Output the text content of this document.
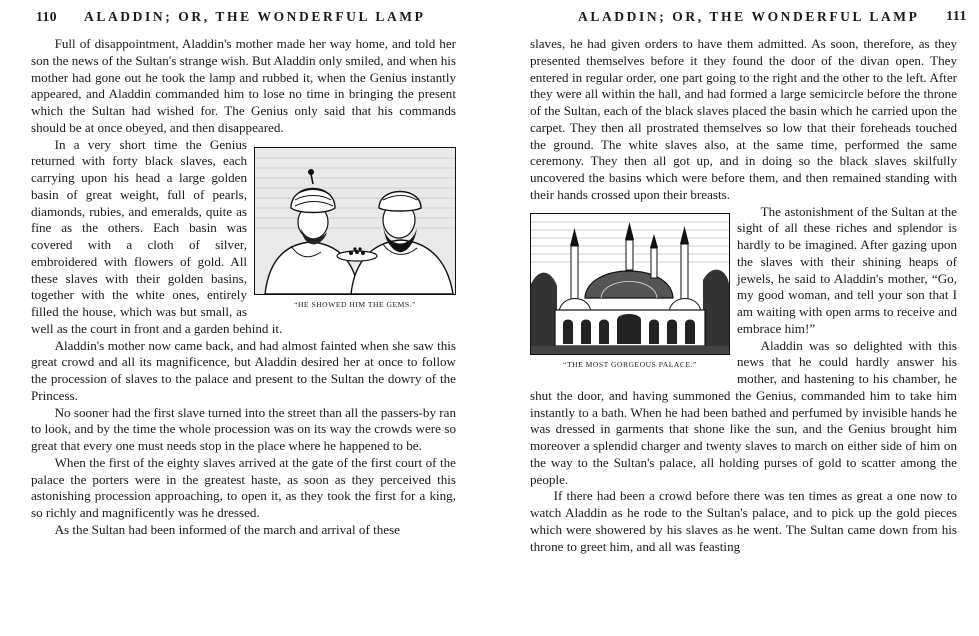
110 ALADDIN; OR, THE WONDERFUL LAMP

Full of disappointment, Aladdin's mother made her way home, and told her son the news of the Sultan's strange wish. But Aladdin only smiled, and when his mother had gone out he took the lamp and rubbed it, when the Genius instantly appeared, and Aladdin commanded him to lose no time in bringing the present which the Sultan had wished for. The Genius only said that his commands should be at once obeyed, and then disappeared.

“HE SHOWED HIM THE GEMS.”

In a very short time the Genius returned with forty black slaves, each carrying upon his head a large golden basin of great weight, full of pearls, diamonds, rubies, and emeralds, quite as fine as the others. Each basin was covered with a cloth of silver, embroidered with flowers of gold. All these slaves with their golden basins, together with the white ones, entirely filled the house, which was but small, as well as the court in front and a garden behind it.

Aladdin's mother now came back, and had almost fainted when she saw this great crowd and all its magnificence, but Aladdin desired her at once to follow the procession of slaves to the palace and present to the Sultan the dowry of the Princess.

No sooner had the first slave turned into the street than all the passers-by ran to look, and by the time the whole procession was on its way the crowds were so great that every one must needs stop in the place where he happened to be.

When the first of the eighty slaves arrived at the gate of the first court of the palace the porters were in the greatest haste, as soon as they perceived this astonishing procession approaching, to open it, as they took the first for a king, so richly and magnificently was he dressed.

As the Sultan had been informed of the march and arrival of these

ALADDIN; OR, THE WONDERFUL LAMP 111

slaves, he had given orders to have them admitted. As soon, therefore, as they presented themselves before it they found the door of the divan open. They entered in regular order, one part going to the right and the other to the left. After they were all within the hall, and had formed a large semicircle before the throne of the Sultan, each of the black slaves placed the basin which he carried upon the carpet. They then all prostrated themselves so low that their foreheads touched the ground. The white slaves also, at the same time, performed the same ceremony. They then all got up, and in doing so the black slaves skilfully uncovered the basins which were before them, and then remained standing with their hands crossed upon their breasts.

“THE MOST GORGEOUS PALACE.”

The astonishment of the Sultan at the sight of all these riches and splendor is hardly to be imagined. After gazing upon the slaves with their shining heaps of jewels, he said to Aladdin's mother, “Go, my good woman, and tell your son that I am waiting with open arms to receive and embrace him!”

Aladdin was so delighted with this news that he could hardly answer his mother, and hastening to his chamber, he shut the door, and having summoned the Genius, commanded him to take him instantly to a bath. When he had been bathed and perfumed by invisible hands he was dressed in garments that shone like the sun, and the Genius brought him moreover a splendid charger and twenty slaves to march on either side of him on the way to the Sultan's palace, all holding purses of gold to scatter among the people.

If there had been a crowd before there was ten times as great a one now to watch Aladdin as he rode to the Sultan's palace, and to pick up the gold pieces which were showered by his slaves as he went. The Sultan came down from his throne to greet him, and all was feasting
